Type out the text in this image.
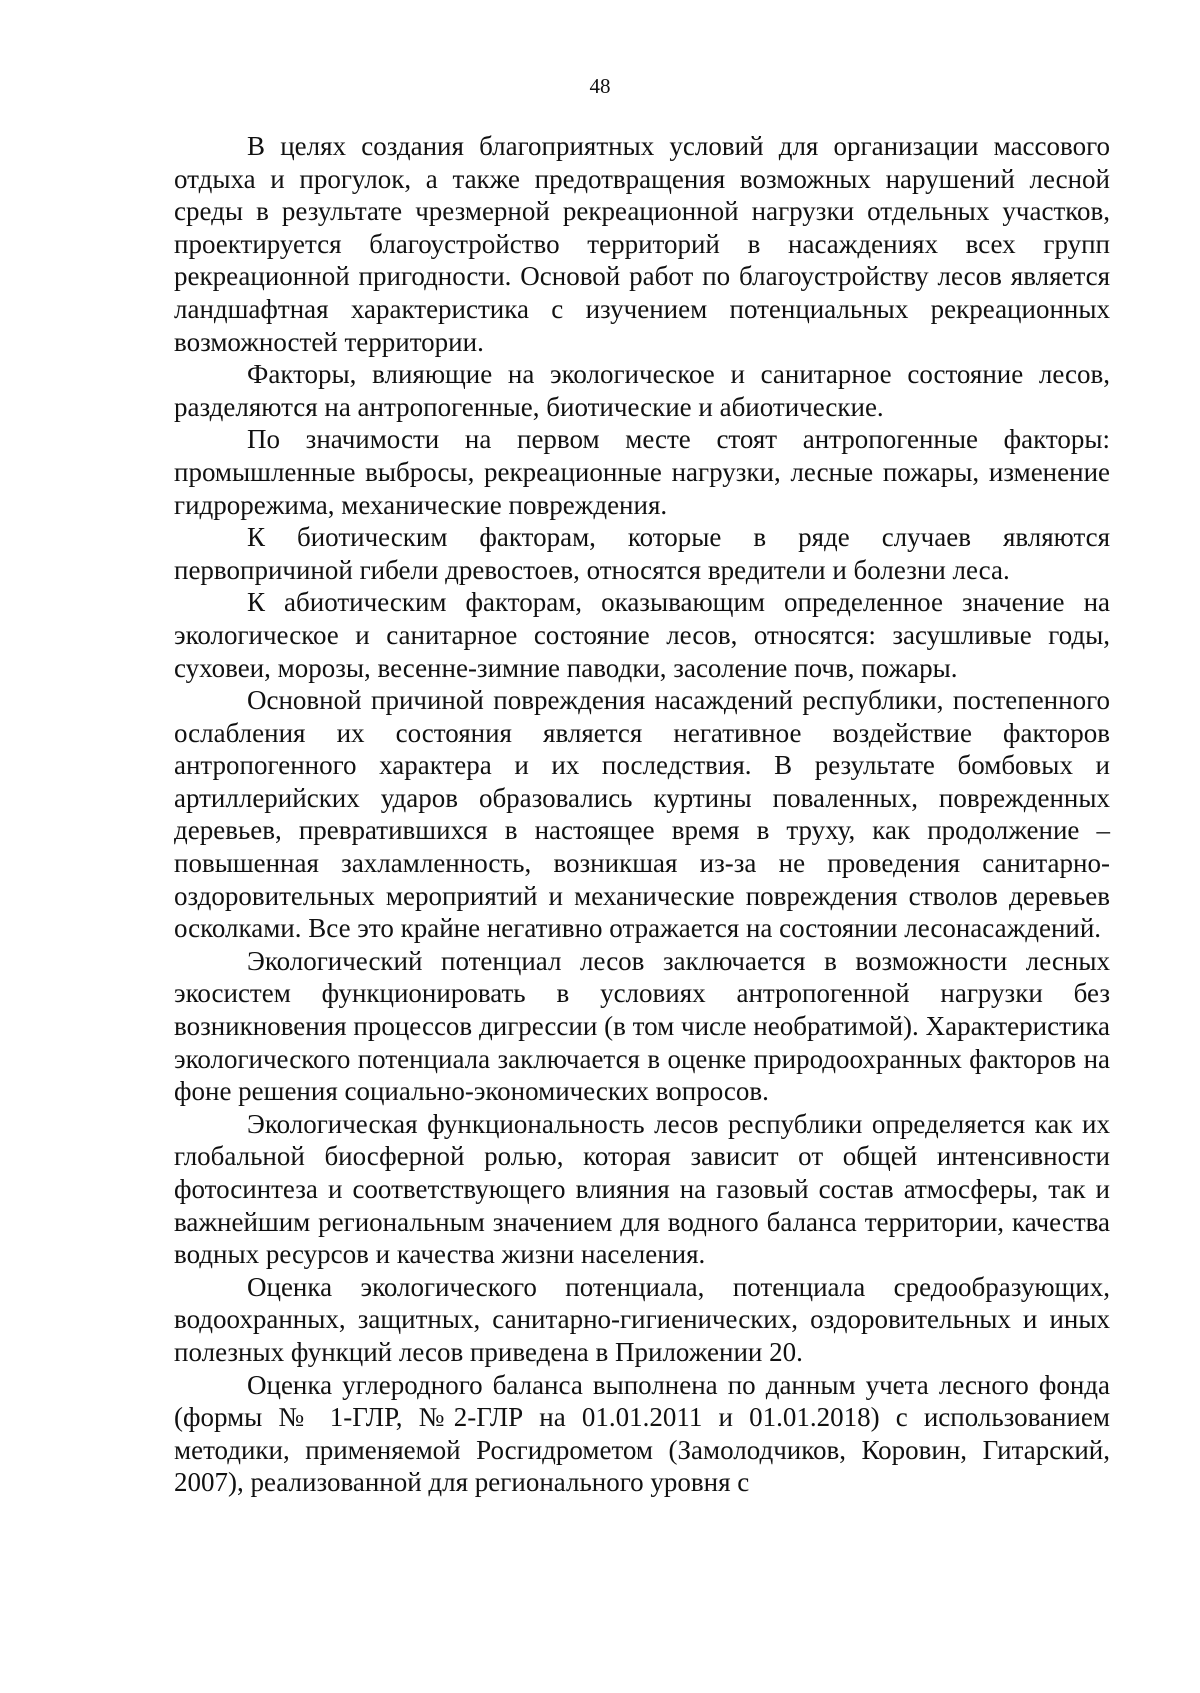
48

В целях создания благоприятных условий для организации массового отдыха и прогулок, а также предотвращения возможных нарушений лесной среды в результате чрезмерной рекреационной нагрузки отдельных участков, проектируется благоустройство территорий в насаждениях всех групп рекреационной пригодности. Основой работ по благоустройству лесов является ландшафтная характеристика с изучением потенциальных рекреационных возможностей территории.

Факторы, влияющие на экологическое и санитарное состояние лесов, разделяются на антропогенные, биотические и абиотические.

По значимости на первом месте стоят антропогенные факторы: промышленные выбросы, рекреационные нагрузки, лесные пожары, изменение гидрорежима, механические повреждения.

К биотическим факторам, которые в ряде случаев являются первопричиной гибели древостоев, относятся вредители и болезни леса.

К абиотическим факторам, оказывающим определенное значение на экологическое и санитарное состояние лесов, относятся: засушливые годы, суховеи, морозы, весенне-зимние паводки, засоление почв, пожары.

Основной причиной повреждения насаждений республики, постепенного ослабления их состояния является негативное воздействие факторов антропогенного характера и их последствия. В результате бомбовых и артиллерийских ударов образовались куртины поваленных, поврежденных деревьев, превратившихся в настоящее время в труху, как продолжение – повышенная захламленность, возникшая из-за не проведения санитарно-оздоровительных мероприятий и механические повреждения стволов деревьев осколками. Все это крайне негативно отражается на состоянии лесонасаждений.

Экологический потенциал лесов заключается в возможности лесных экосистем функционировать в условиях антропогенной нагрузки без возникновения процессов дигрессии (в том числе необратимой). Характеристика экологического потенциала заключается в оценке природоохранных факторов на фоне решения социально-экономических вопросов.

Экологическая функциональность лесов республики определяется как их глобальной биосферной ролью, которая зависит от общей интенсивности фотосинтеза и соответствующего влияния на газовый состав атмосферы, так и важнейшим региональным значением для водного баланса территории, качества водных ресурсов и качества жизни населения.

Оценка экологического потенциала, потенциала средообразующих, водоохранных, защитных, санитарно-гигиенических, оздоровительных и иных полезных функций лесов приведена в Приложении 20.

Оценка углеродного баланса выполнена по данным учета лесного фонда (формы № 1-ГЛР, №2-ГЛР на 01.01.2011 и 01.01.2018) с использованием методики, применяемой Росгидрометом (Замолодчиков, Коровин, Гитарский, 2007), реализованной для регионального уровня с
